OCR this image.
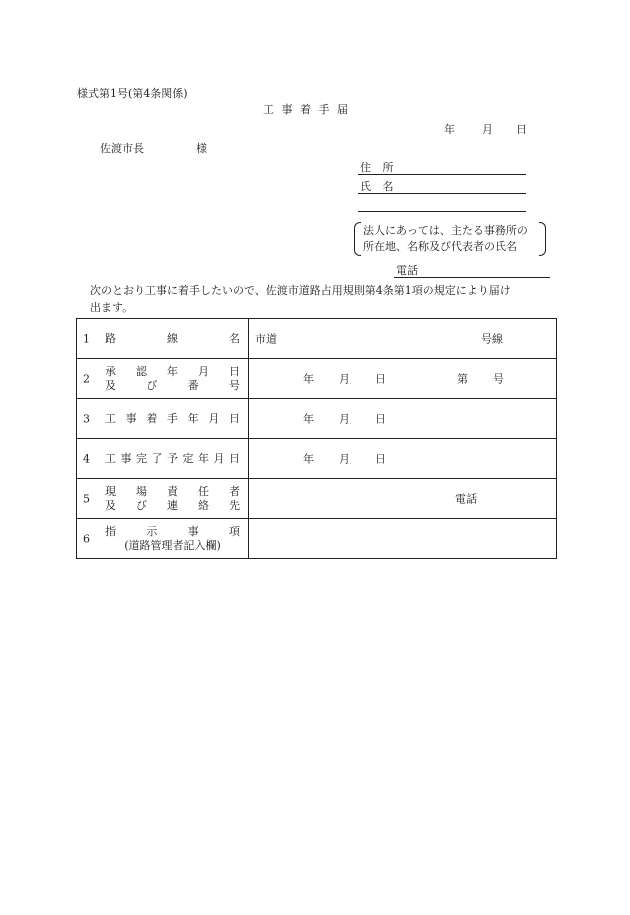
様式第1号(第4条関係)
工 事 着 手 届
年 月 日
佐渡市長	様
住 所
氏 名
法人にあっては、主たる事務所の
所在地、名称及び代表者の氏名
電話
次のとおり工事に着手したいので、佐渡市道路占用規則第4条第1項の規定により届け
出ます。
1 路線名	市道 号線

2
承認年月日
及び番号	年 月 日 第 号

3 工事着手年月日	年 月 日

4 工事完了予定年月日	年 月 日

5
現場責任者
及び連絡先	電話

6
指示事項
(道路管理者記入欄)	
